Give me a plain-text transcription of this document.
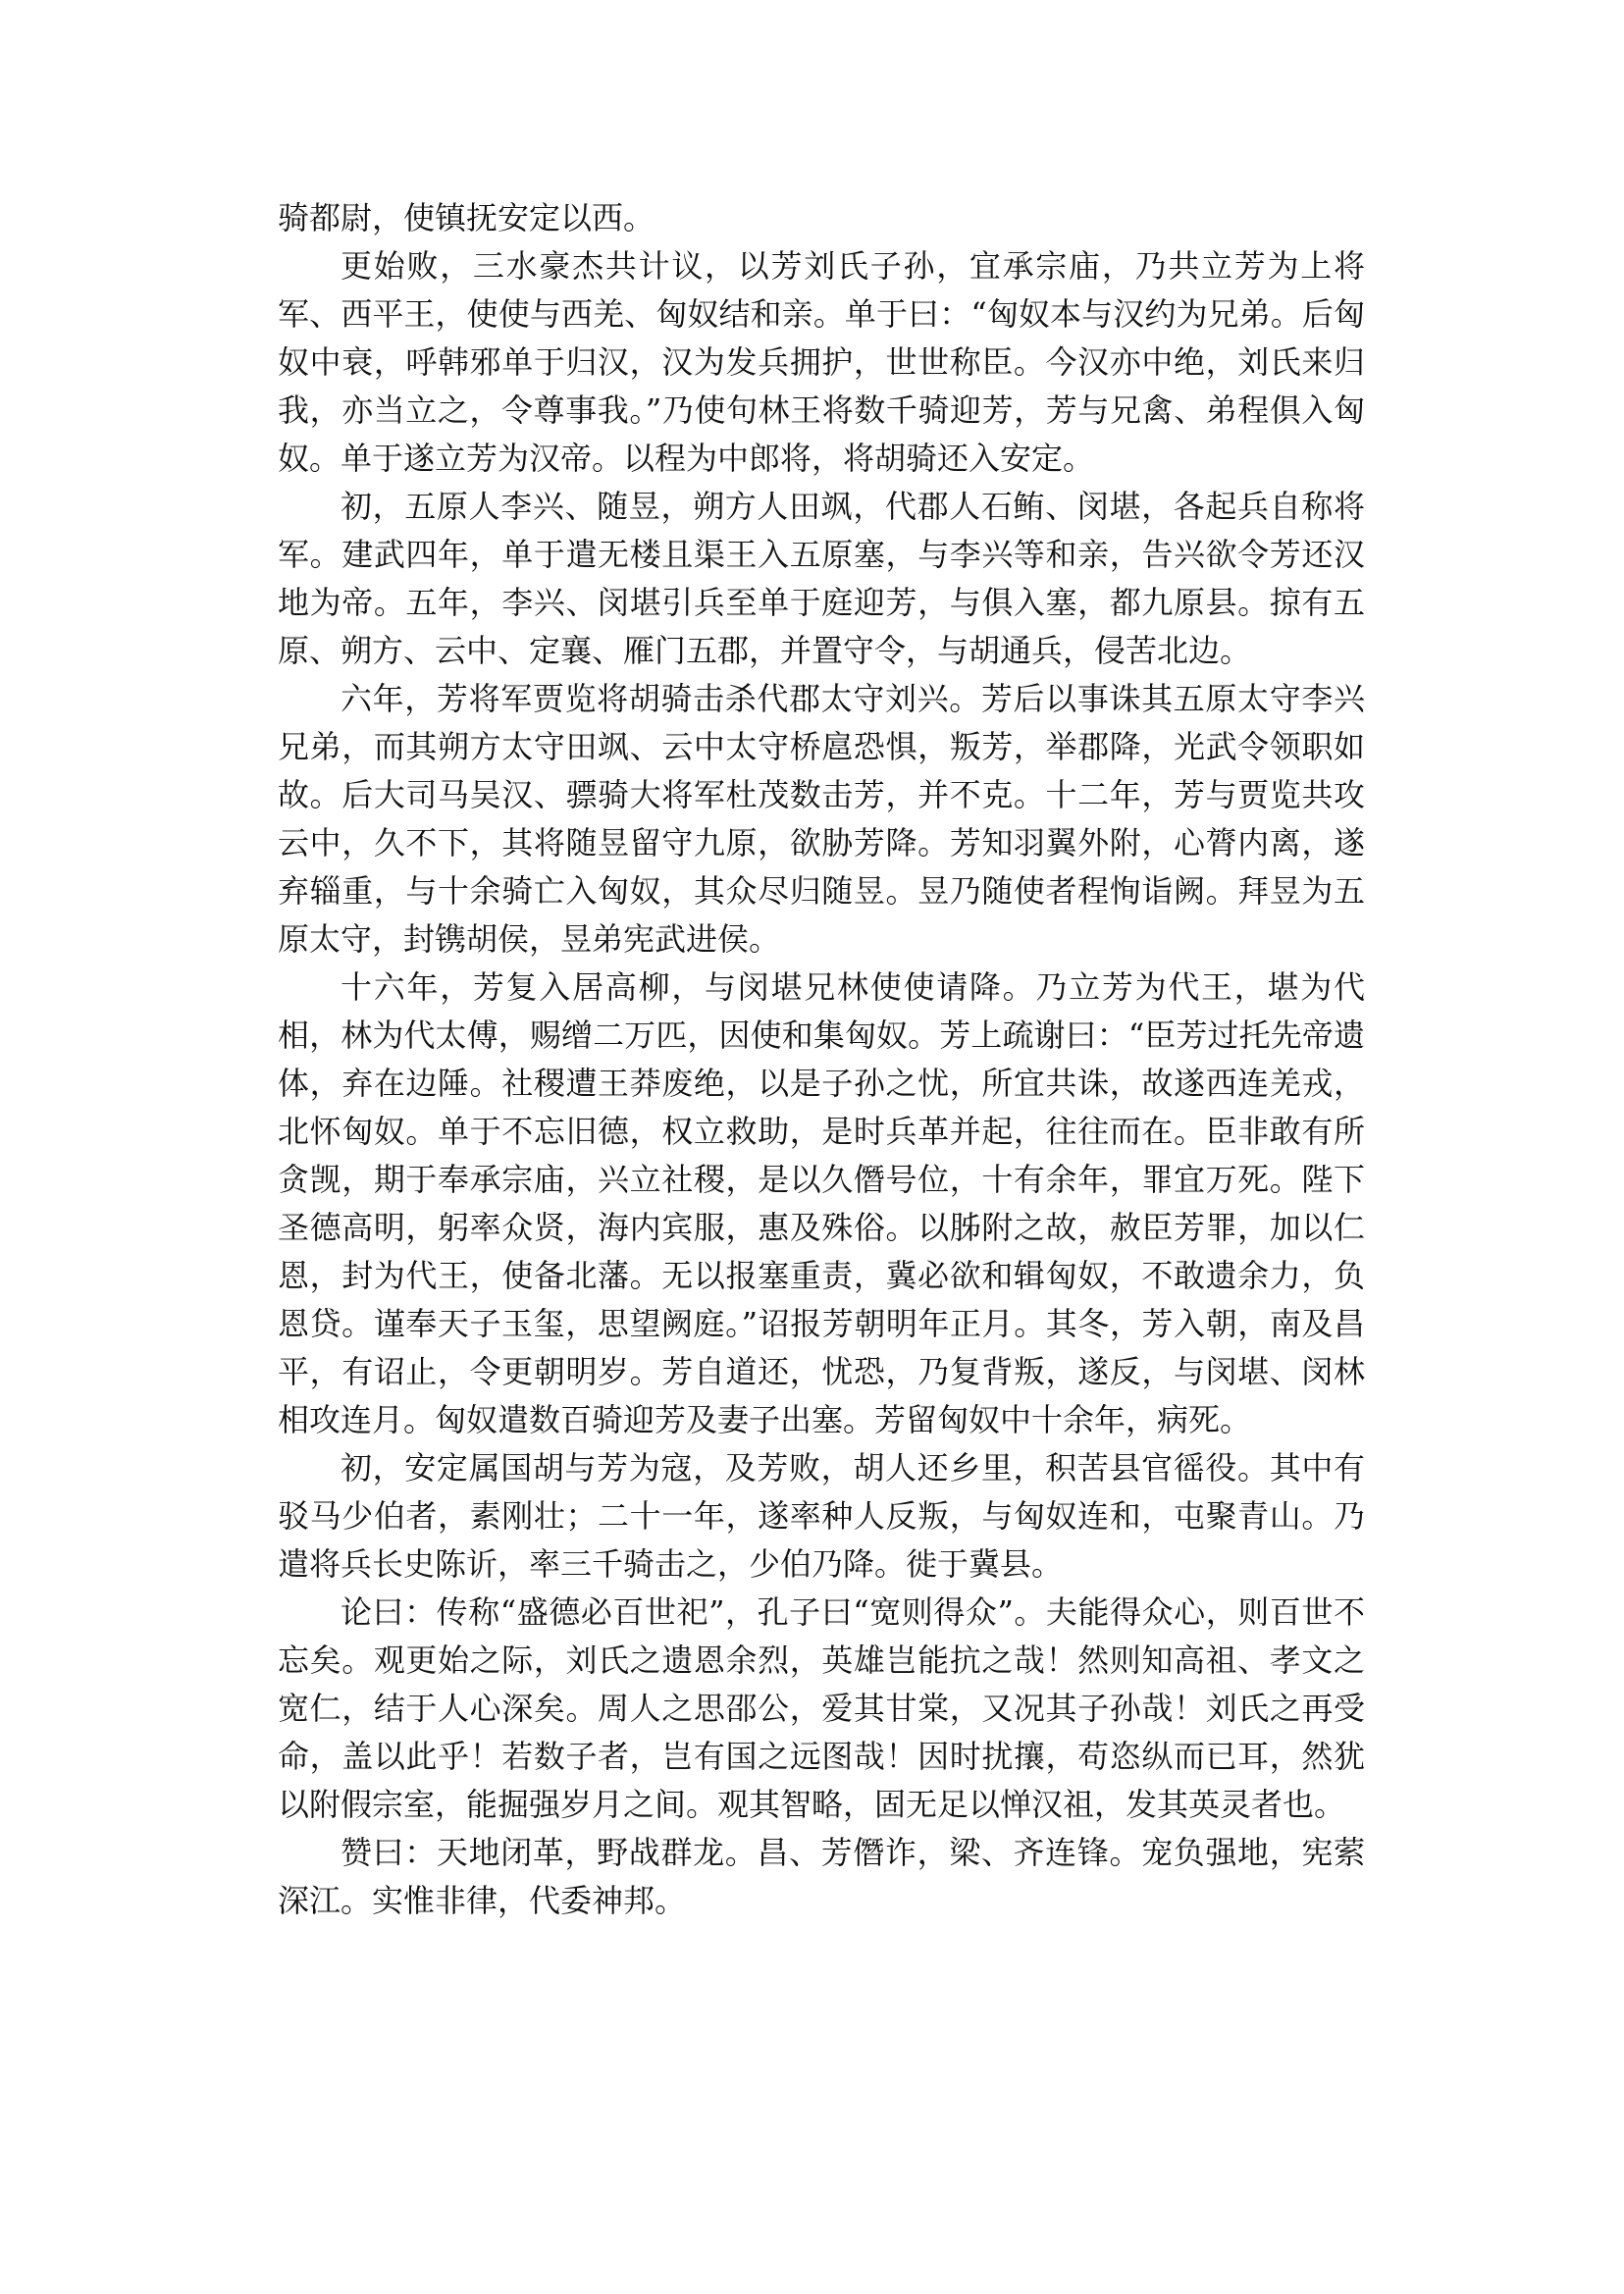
骑都尉，使镇抚安定以西。

更始败，三水豪杰共计议，以芳刘氏子孙，宜承宗庙，乃共立芳为上将军、西平王，使使与西羌、匈奴结和亲。单于曰：“匈奴本与汉约为兄弟。后匈奴中衰，呼韩邪单于归汉，汉为发兵拥护，世世称臣。今汉亦中绝，刘氏来归我，亦当立之，令尊事我。”乃使句林王将数千骑迎芳，芳与兄禽、弟程俱入匈奴。单于遂立芳为汉帝。以程为中郎将，将胡骑还入安定。

初，五原人李兴、随昱，朔方人田飒，代郡人石鲔、闵堪，各起兵自称将军。建武四年，单于遣无楼且渠王入五原塞，与李兴等和亲，告兴欲令芳还汉地为帝。五年，李兴、闵堪引兵至单于庭迎芳，与俱入塞，都九原县。掠有五原、朔方、云中、定襄、雁门五郡，并置守令，与胡通兵，侵苦北边。

六年，芳将军贾览将胡骑击杀代郡太守刘兴。芳后以事诛其五原太守李兴兄弟，而其朔方太守田飒、云中太守桥扈恐惧，叛芳，举郡降，光武令领职如故。后大司马吴汉、骠骑大将军杜茂数击芳，并不克。十二年，芳与贾览共攻云中，久不下，其将随昱留守九原，欲胁芳降。芳知羽翼外附，心膂内离，遂弃辎重，与十余骑亡入匈奴，其众尽归随昱。昱乃随使者程恂诣阙。拜昱为五原太守，封镌胡侯，昱弟宪武进侯。

十六年，芳复入居高柳，与闵堪兄林使使请降。乃立芳为代王，堪为代相，林为代太傅，赐缯二万匹，因使和集匈奴。芳上疏谢曰：“臣芳过托先帝遗体，弃在边陲。社稷遭王莽废绝，以是子孙之忧，所宜共诛，故遂西连羌戎，北怀匈奴。单于不忘旧德，权立救助，是时兵革并起，往往而在。臣非敢有所贪觊，期于奉承宗庙，兴立社稷，是以久僭号位，十有余年，罪宜万死。陛下圣德高明，躬率众贤，海内宾服，惠及殊俗。以胏附之故，赦臣芳罪，加以仁恩，封为代王，使备北藩。无以报塞重责，冀必欲和辑匈奴，不敢遗余力，负恩贷。谨奉天子玉玺，思望阙庭。”诏报芳朝明年正月。其冬，芳入朝，南及昌平，有诏止，令更朝明岁。芳自道还，忧恐，乃复背叛，遂反，与闵堪、闵林相攻连月。匈奴遣数百骑迎芳及妻子出塞。芳留匈奴中十余年，病死。

初，安定属国胡与芳为寇，及芳败，胡人还乡里，积苦县官徭役。其中有驳马少伯者，素刚壮；二十一年，遂率种人反叛，与匈奴连和，屯聚青山。乃遣将兵长史陈䜣，率三千骑击之，少伯乃降。徙于冀县。

论曰：传称“盛德必百世祀”，孔子曰“宽则得众”。夫能得众心，则百世不忘矣。观更始之际，刘氏之遗恩余烈，英雄岂能抗之哉！然则知高祖、孝文之宽仁，结于人心深矣。周人之思邵公，爱其甘棠，又况其子孙哉！刘氏之再受命，盖以此乎！若数子者，岂有国之远图哉！因时扰攘，苟恣纵而已耳，然犹以附假宗室，能掘强岁月之间。观其智略，固无足以惮汉祖，发其英灵者也。

赞曰：天地闭革，野战群龙。昌、芳僭诈，梁、齐连锋。宠负强地，宪萦深江。实惟非律，代委神邦。
